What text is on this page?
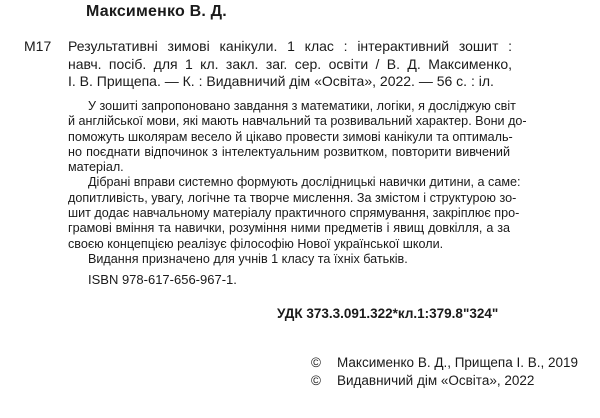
Максименко В. Д.
М17 Результативні зимові канікули. 1 клас : інтерактивний зошит :
навч. посіб. для 1 кл. закл. заг. сер. освіти / В. Д. Максименко,
І. В. Прищепа. — К. : Видавничий дім «Освіта», 2022. — 56 с. : іл.
У зошиті запропоновано завдання з математики, логіки, я досліджую світ
й англійської мови, які мають навчальний та розвивальний характер. Вони до-
поможуть школярам весело й цікаво провести зимові канікули та оптималь-
но поєднати відпочинок з інтелектуальним розвитком, повторити вивчений
матеріал.
Дібрані вправи системно формують дослідницькі навички дитини, а саме:
допитливість, увагу, логічне та творче мислення. За змістом і структурою зо-
шит додає навчальному матеріалу практичного спрямування, закріплює про-
грамові вміння та навички, розуміння ними предметів і явищ довкілля, а за
своєю концепцією реалізує філософію Нової української школи.
Видання призначено для учнів 1 класу та їхніх батьків.
ISBN 978-617-656-967-1.
УДК 373.3.091.322*кл.1:379.8"324"
© Максименко В. Д., Прищепа І. В., 2019
© Видавничий дім «Освіта», 2022
